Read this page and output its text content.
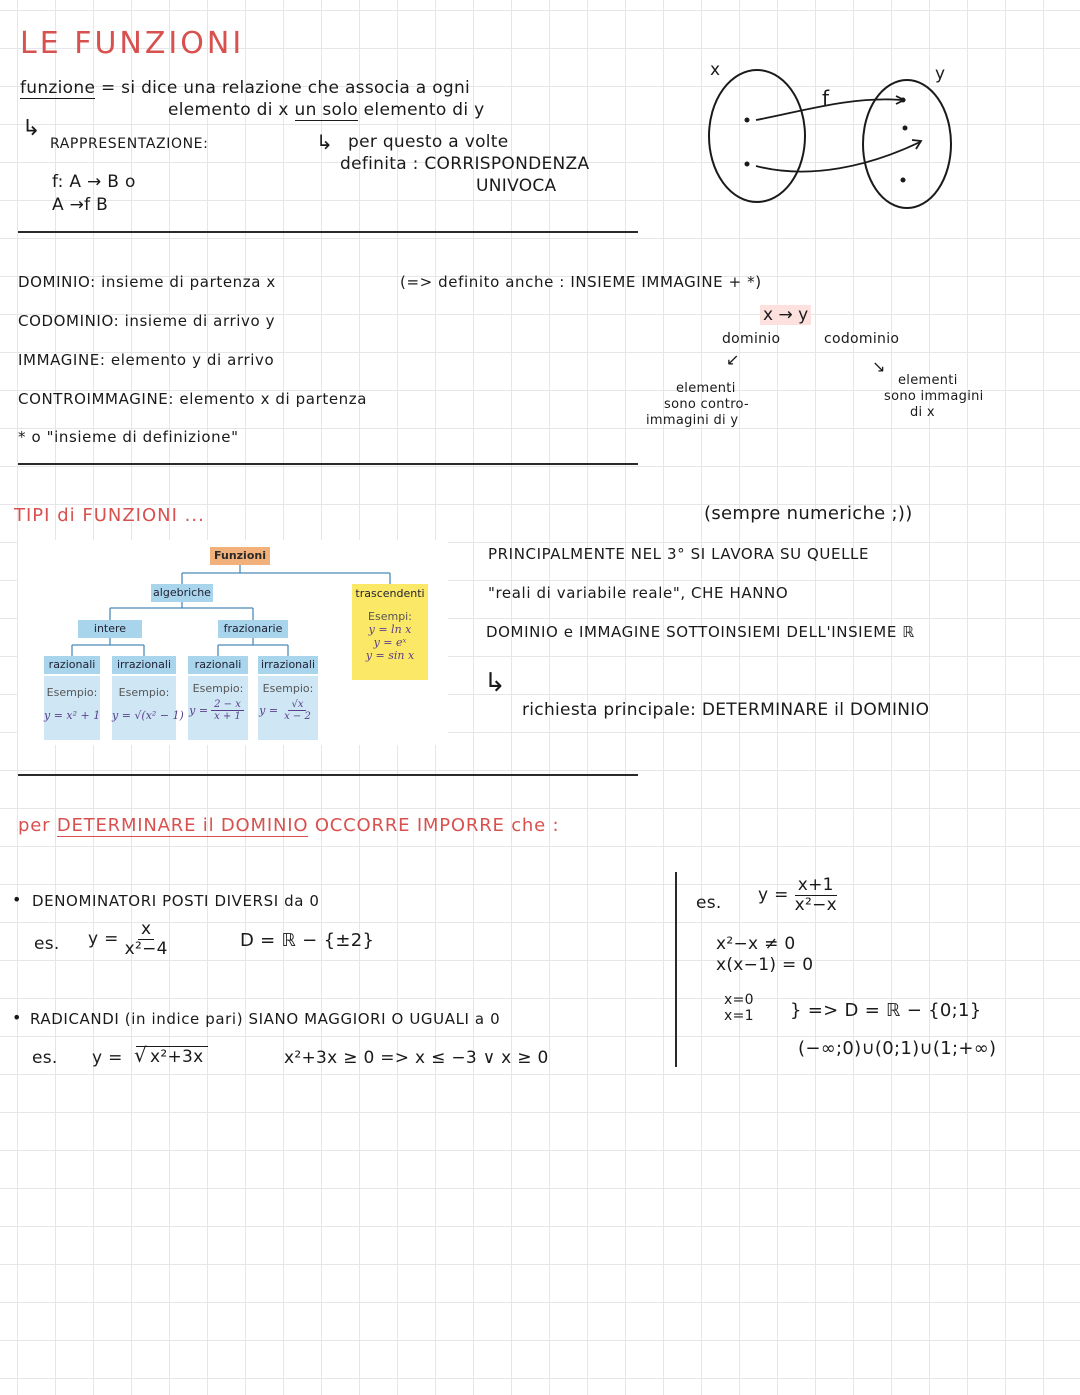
LE FUNZIONI
funzione = si dice una relazione che associa a ogni
elemento di x un solo elemento di y
↳
RAPPRESENTAZIONE:
f: A → B o
A →f B
↳ per questo a volte
definita : CORRISPONDENZA
UNIVOCA
x	y
f
DOMINIO: insieme di partenza x	(=> definito anche : INSIEME IMMAGINE + *)
CODOMINIO: insieme di arrivo y
IMMAGINE: elemento y di arrivo
CONTROIMMAGINE: elemento x di partenza
* o "insieme di definizione"
x → y
dominio	codominio
↙	↘
elementi
sono contro-
immagini di y
elementi
sono immagini
di x
TIPI di FUNZIONI ...	(sempre numeriche ;))
PRINCIPALMENTE NEL 3° SI LAVORA SU QUELLE
"reali di variabile reale", CHE HANNO
DOMINIO e IMMAGINE SOTTOINSIEMI DELL'INSIEME ℝ
↳
richiesta principale: DETERMINARE il DOMINIO
Funzioni
algebriche	trascendenti
Esempi:
y = ln x
y = eˣ
y = sin x
intere	frazionarie
razionali
Esempio:
y = x² + 1
irrazionali
Esempio:
y = √(x² − 1)
razionali
Esempio:
$y = \frac{2 - x}{x + 1}$
irrazionali
Esempio:
$y = \frac{√x}{x - 2}$
per DETERMINARE il DOMINIO OCCORRE IMPORRE che :
• DENOMINATORI POSTI DIVERSI da 0
es. $y = \frac{x}{\text{x²−4}}$	D = ℝ − {±2}
• RADICANDI (in indice pari) SIANO MAGGIORI O UGUALI a 0
es. y = √ x²+3x	x²+3x ≥ 0 => x ≤ −3 ∨ x ≥ 0
es. $y = \frac{x+1}{\text{x²−x}}$
x²−x ≠ 0
x(x−1) = 0
x=0
x=1 } => D = ℝ − {0;1}
(−∞;0)∪(0;1)∪(1;+∞)
